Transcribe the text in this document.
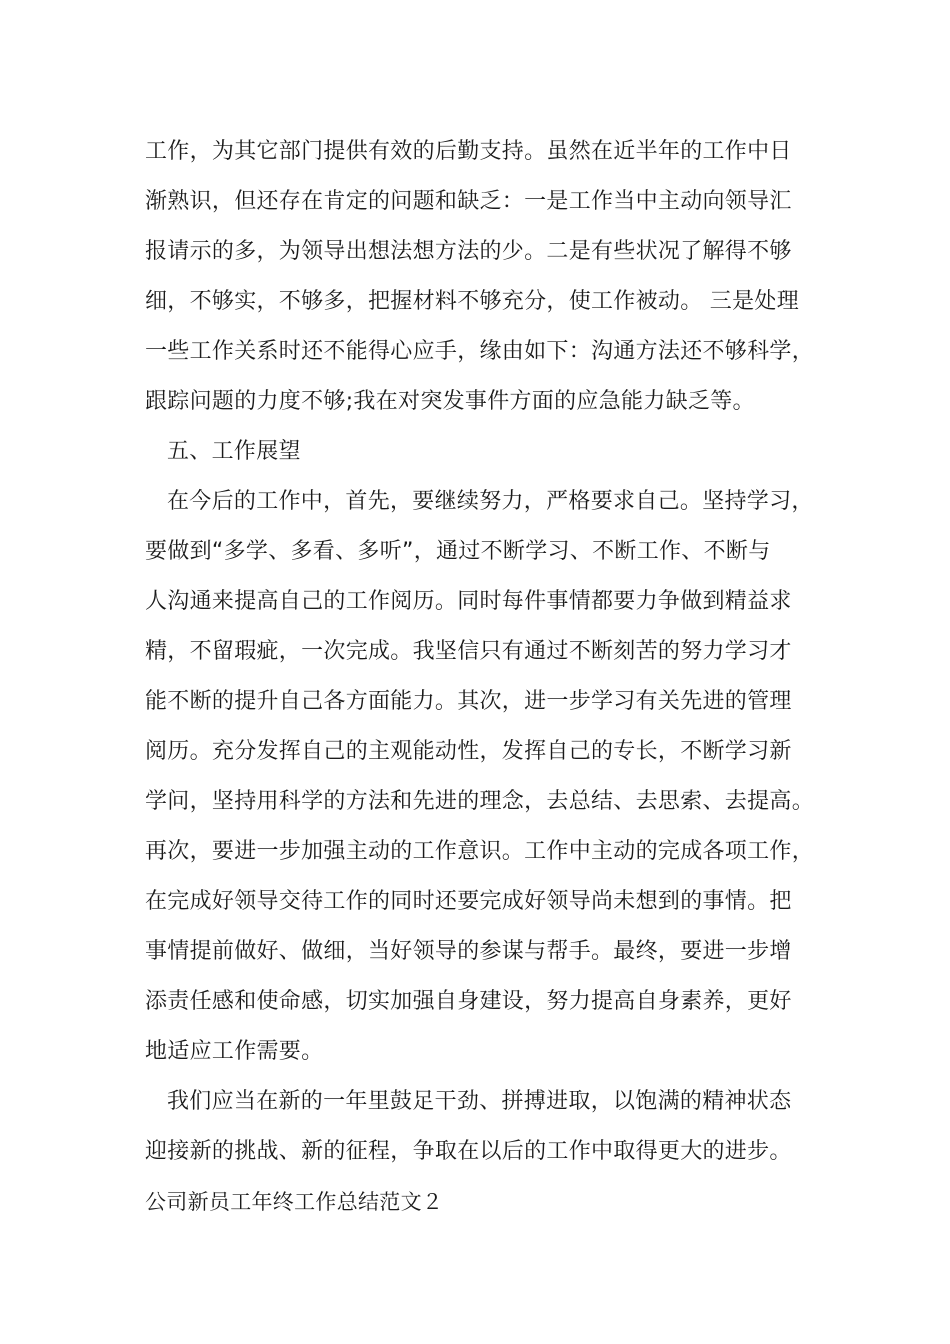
工作，为其它部门提供有效的后勤支持。虽然在近半年的工作中日
渐熟识，但还存在肯定的问题和缺乏：一是工作当中主动向领导汇
报请示的多，为领导出想法想方法的少。二是有些状况了解得不够
细，不够实，不够多，把握材料不够充分，使工作被动。 三是处理
一些工作关系时还不能得心应手，缘由如下：沟通方法还不够科学，
跟踪问题的力度不够;我在对突发事件方面的应急能力缺乏等。
五、工作展望
在今后的工作中，首先，要继续努力，严格要求自己。坚持学习，
要做到“多学、多看、多听”，通过不断学习、不断工作、不断与
人沟通来提高自己的工作阅历。同时每件事情都要力争做到精益求
精，不留瑕疵，一次完成。我坚信只有通过不断刻苦的努力学习才
能不断的提升自己各方面能力。其次，进一步学习有关先进的管理
阅历。充分发挥自己的主观能动性，发挥自己的专长，不断学习新
学问，坚持用科学的方法和先进的理念，去总结、去思索、去提高。
再次，要进一步加强主动的工作意识。工作中主动的完成各项工作，
在完成好领导交待工作的同时还要完成好领导尚未想到的事情。把
事情提前做好、做细，当好领导的参谋与帮手。最终，要进一步增
添责任感和使命感，切实加强自身建设，努力提高自身素养，更好
地适应工作需要。
我们应当在新的一年里鼓足干劲、拼搏进取，以饱满的精神状态
迎接新的挑战、新的征程，争取在以后的工作中取得更大的进步。
公司新员工年终工作总结范文２
